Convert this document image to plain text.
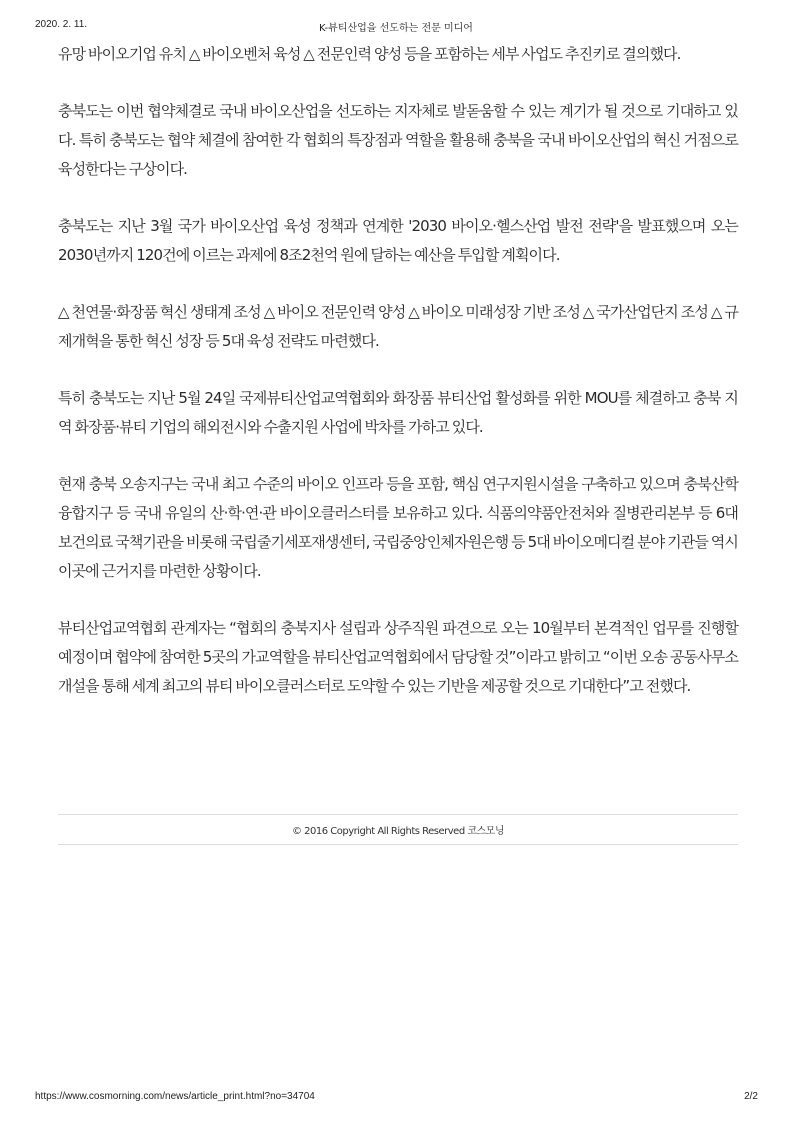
2020. 2. 11.	K-뷰티산업을 선도하는 전문 미디어

유망 바이오기업 유치 △ 바이오벤처 육성 △ 전문인력 양성 등을 포함하는 세부 사업도 추진키로 결의했다.

충북도는 이번 협약체결로 국내 바이오산업을 선도하는 지자체로 발돋움할 수 있는 계기가 될 것으로 기대하고 있다. 특히 충북도는 협약 체결에 참여한 각 협회의 특장점과 역할을 활용해 충북을 국내 바이오산업의 혁신 거점으로 육성한다는 구상이다.

충북도는 지난 3월 국가 바이오산업 육성 정책과 연계한 '2030 바이오·헬스산업 발전 전략'을 발표했으며 오는 2030년까지 120건에 이르는 과제에 8조2천억 원에 달하는 예산을 투입할 계획이다.

△ 천연물·화장품 혁신 생태계 조성 △ 바이오 전문인력 양성 △ 바이오 미래성장 기반 조성 △ 국가산업단지 조성 △ 규제개혁을 통한 혁신 성장 등 5대 육성 전략도 마련했다.

특히 충북도는 지난 5월 24일 국제뷰티산업교역협회와 화장품 뷰티산업 활성화를 위한 MOU를 체결하고 충북 지역 화장품·뷰티 기업의 해외전시와 수출지원 사업에 박차를 가하고 있다.

현재 충북 오송지구는 국내 최고 수준의 바이오 인프라 등을 포함, 핵심 연구지원시설을 구축하고 있으며 충북산학융합지구 등 국내 유일의 산·학·연·관 바이오클러스터를 보유하고 있다. 식품의약품안전처와 질병관리본부 등 6대 보건의료 국책기관을 비롯해 국립줄기세포재생센터, 국립중앙인체자원은행 등 5대 바이오메디컬 분야 기관들 역시 이곳에 근거지를 마련한 상황이다.

뷰티산업교역협회 관계자는 “협회의 충북지사 설립과 상주직원 파견으로 오는 10월부터 본격적인 업무를 진행할 예정이며 협약에 참여한 5곳의 가교역할을 뷰티산업교역협회에서 담당할 것”이라고 밝히고 “이번 오송 공동사무소 개설을 통해 세계 최고의 뷰티 바이오클러스터로 도약할 수 있는 기반을 제공할 것으로 기대한다”고 전했다.

© 2016 Copyright All Rights Reserved 코스모닝
https://www.cosmorning.com/news/article_print.html?no=34704	2/2
